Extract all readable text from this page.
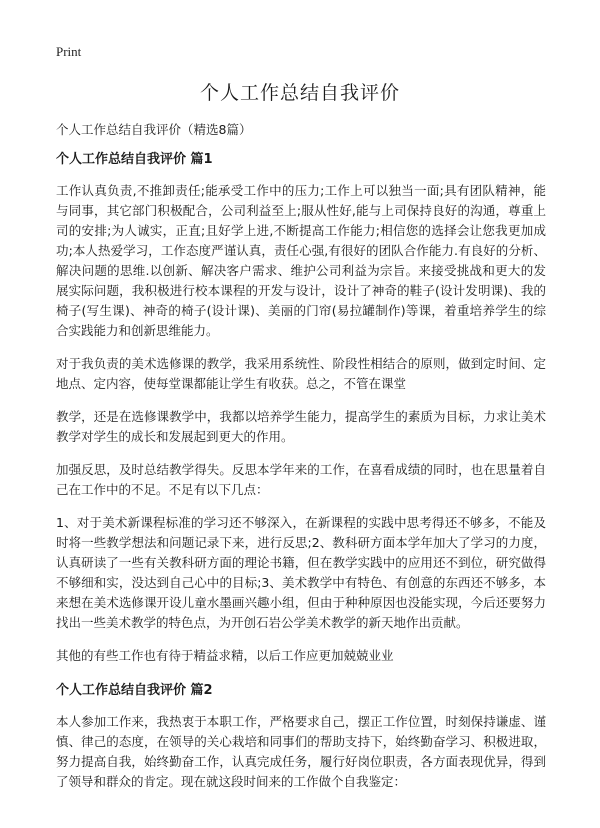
Print
个人工作总结自我评价
个人工作总结自我评价（精选8篇）
个人工作总结自我评价 篇1

工作认真负责,不推卸责任;能承受工作中的压力;工作上可以独当一面;具有团队精神，能与同事，其它部门积极配合，公司利益至上;服从性好,能与上司保持良好的沟通，尊重上司的安排;为人诚实，正直;且好学上进,不断提高工作能力;相信您的选择会让您我更加成功;本人热爱学习，工作态度严谨认真，责任心强,有很好的团队合作能力.有良好的分析、解决问题的思维.以创新、解决客户需求、维护公司利益为宗旨。来接受挑战和更大的发展实际问题，我积极进行校本课程的开发与设计，设计了神奇的鞋子(设计发明课)、我的椅子(写生课)、神奇的椅子(设计课)、美丽的门帘(易拉罐制作)等课，着重培养学生的综合实践能力和创新思维能力。

对于我负责的美术选修课的教学，我采用系统性、阶段性相结合的原则，做到定时间、定地点、定内容，使每堂课都能让学生有收获。总之，不管在课堂

教学，还是在选修课教学中，我都以培养学生能力，提高学生的素质为目标，力求让美术教学对学生的成长和发展起到更大的作用。

加强反思，及时总结教学得失。反思本学年来的工作，在喜看成绩的同时，也在思量着自己在工作中的不足。不足有以下几点：

1、对于美术新课程标准的学习还不够深入，在新课程的实践中思考得还不够多，不能及时将一些教学想法和问题记录下来，进行反思;2、教科研方面本学年加大了学习的力度，认真研读了一些有关教科研方面的理论书籍，但在教学实践中的应用还不到位，研究做得不够细和实，没达到自己心中的目标;3、美术教学中有特色、有创意的东西还不够多，本来想在美术选修课开设儿童水墨画兴趣小组，但由于种种原因也没能实现，今后还要努力找出一些美术教学的特色点，为开创石岩公学美术教学的新天地作出贡献。

其他的有些工作也有待于精益求精，以后工作应更加兢兢业业

个人工作总结自我评价 篇2

本人参加工作来，我热衷于本职工作，严格要求自己，摆正工作位置，时刻保持谦虚、谨慎、律己的态度，在领导的关心栽培和同事们的帮助支持下，始终勤奋学习、积极进取，努力提高自我，始终勤奋工作，认真完成任务，履行好岗位职责，各方面表现优异，得到了领导和群众的肯定。现在就这段时间来的工作做个自我鉴定：
